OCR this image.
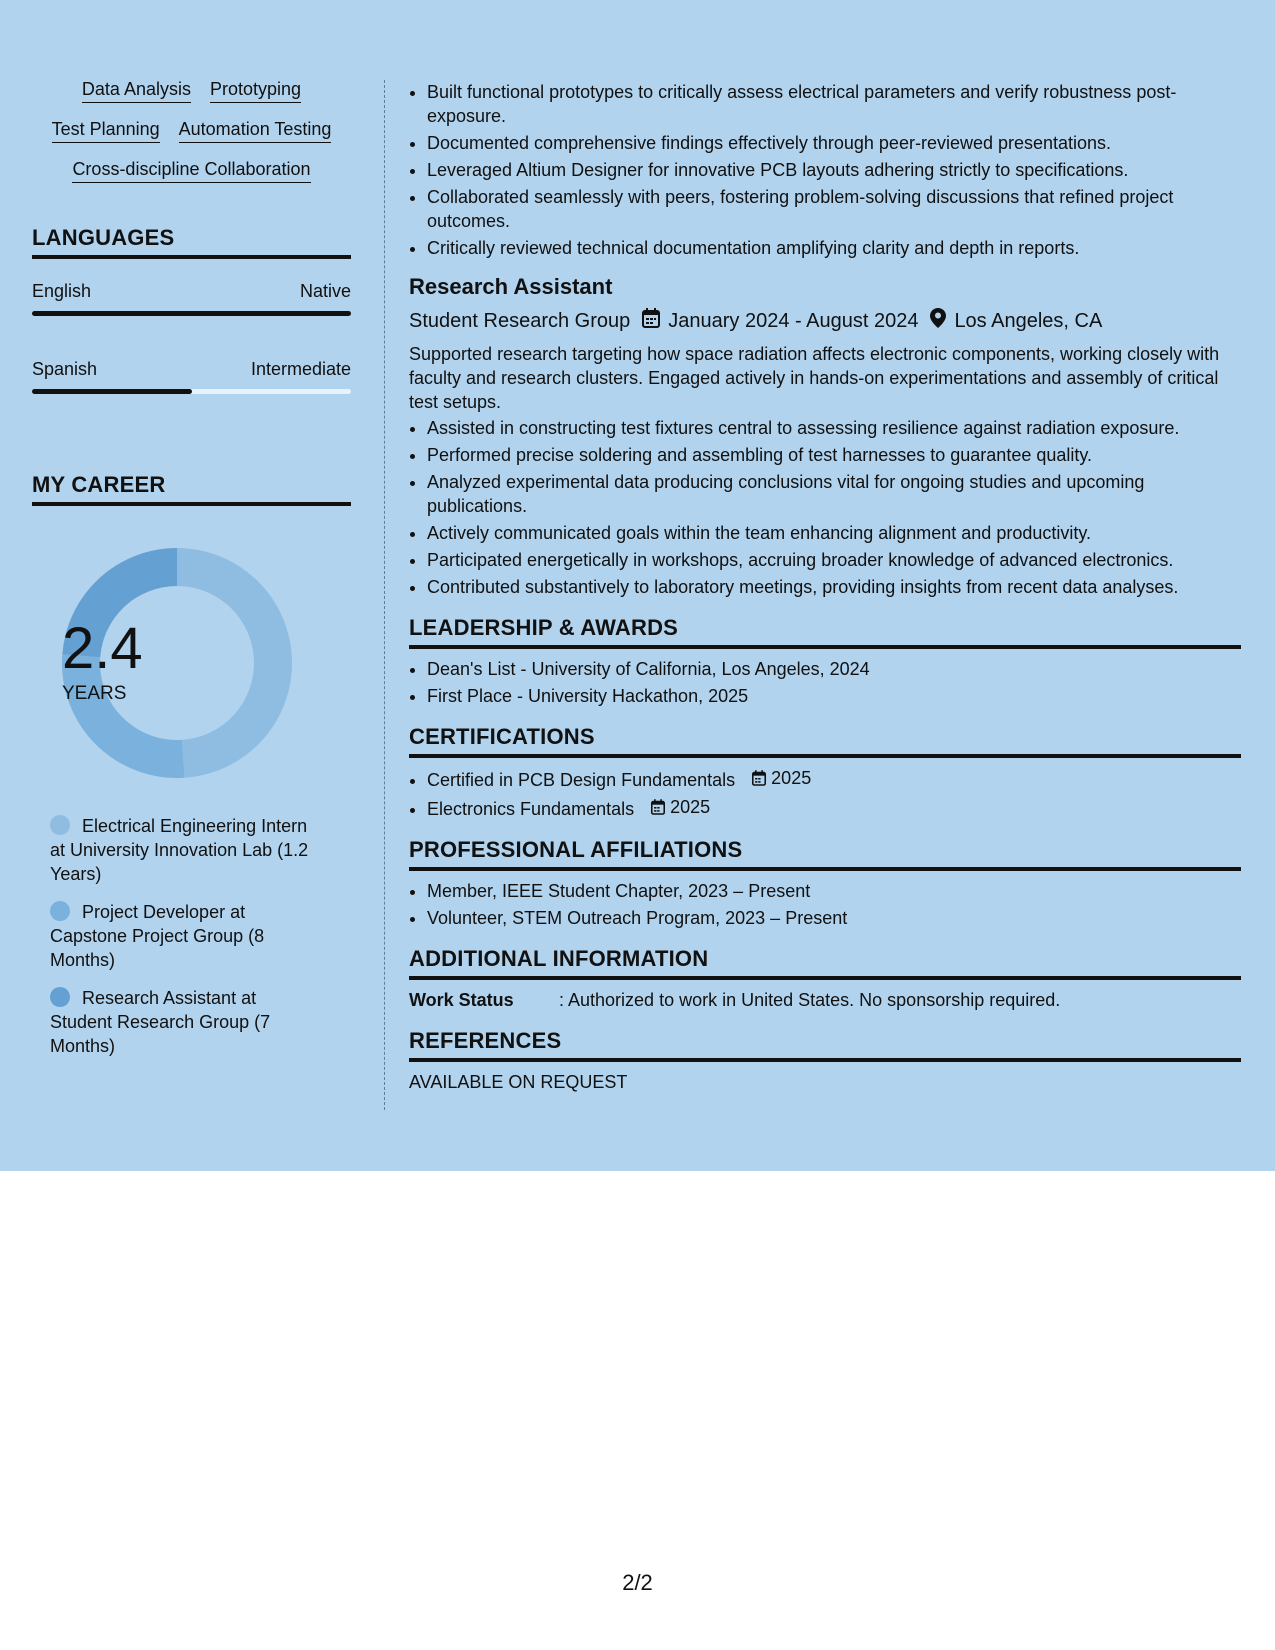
Data Analysis Prototyping
Test Planning Automation Testing
Cross-discipline Collaboration
LANGUAGES
English	Native
Spanish	Intermediate
MY CAREER
2.4
YEARS
Electrical Engineering Intern at University Innovation Lab (1.2 Years)
Project Developer at Capstone Project Group (8 Months)
Research Assistant at Student Research Group (7 Months)
• Built functional prototypes to critically assess electrical parameters and verify robustness post-exposure.
• Documented comprehensive findings effectively through peer-reviewed presentations.
• Leveraged Altium Designer for innovative PCB layouts adhering strictly to specifications.
• Collaborated seamlessly with peers, fostering problem-solving discussions that refined project outcomes.
• Critically reviewed technical documentation amplifying clarity and depth in reports.
Research Assistant
Student Research Group January 2024 - August 2024 Los Angeles, CA
Supported research targeting how space radiation affects electronic components, working closely with faculty and research clusters. Engaged actively in hands-on experimentations and assembly of critical test setups.
• Assisted in constructing test fixtures central to assessing resilience against radiation exposure.
• Performed precise soldering and assembling of test harnesses to guarantee quality.
• Analyzed experimental data producing conclusions vital for ongoing studies and upcoming publications.
• Actively communicated goals within the team enhancing alignment and productivity.
• Participated energetically in workshops, accruing broader knowledge of advanced electronics.
• Contributed substantively to laboratory meetings, providing insights from recent data analyses.
LEADERSHIP & AWARDS
• Dean's List - University of California, Los Angeles, 2024
• First Place - University Hackathon, 2025
CERTIFICATIONS
• Certified in PCB Design Fundamentals 2025
• Electronics Fundamentals 2025
PROFESSIONAL AFFILIATIONS
• Member, IEEE Student Chapter, 2023 – Present
• Volunteer, STEM Outreach Program, 2023 – Present
ADDITIONAL INFORMATION
Work Status	: Authorized to work in United States. No sponsorship required.
REFERENCES
AVAILABLE ON REQUEST
2/2
